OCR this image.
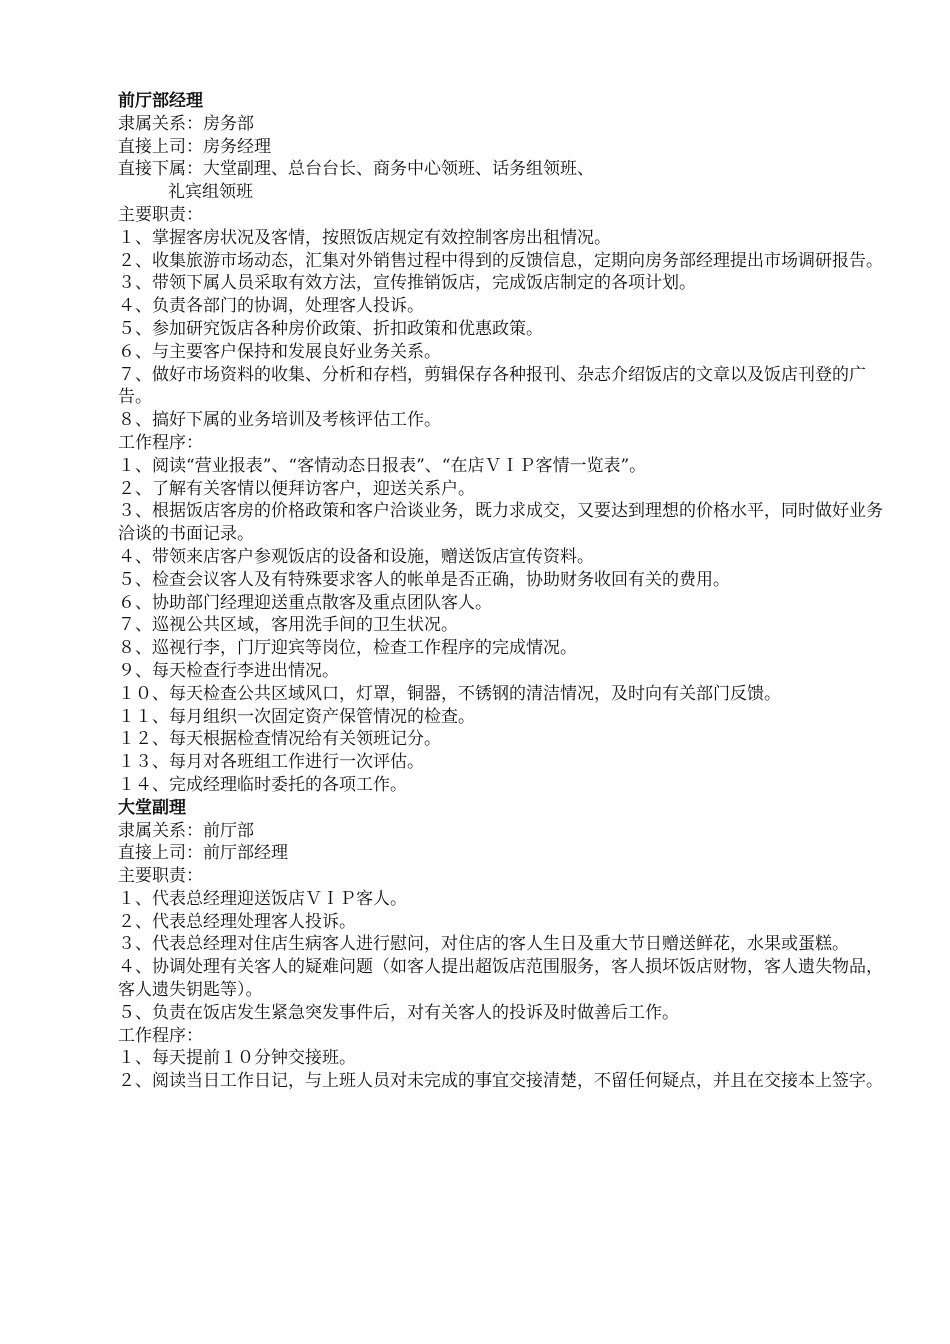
前厅部经理
隶属关系：房务部
直接上司：房务经理
直接下属：大堂副理、总台台长、商务中心领班、话务组领班、
礼宾组领班
主要职责：
１、掌握客房状况及客情，按照饭店规定有效控制客房出租情况。
２、收集旅游市场动态，汇集对外销售过程中得到的反馈信息，定期向房务部经理提出市场调研报告。
３、带领下属人员采取有效方法，宣传推销饭店，完成饭店制定的各项计划。
４、负责各部门的协调，处理客人投诉。
５、参加研究饭店各种房价政策、折扣政策和优惠政策。
６、与主要客户保持和发展良好业务关系。
７、做好市场资料的收集、分析和存档，剪辑保存各种报刊、杂志介绍饭店的文章以及饭店刊登的广告。
８、搞好下属的业务培训及考核评估工作。
工作程序：
１、阅读“营业报表”、“客情动态日报表”、“在店ＶＩＰ客情一览表”。
２、了解有关客情以便拜访客户，迎送关系户。
３、根据饭店客房的价格政策和客户洽谈业务，既力求成交，又要达到理想的价格水平，同时做好业务洽谈的书面记录。
４、带领来店客户参观饭店的设备和设施，赠送饭店宣传资料。
５、检查会议客人及有特殊要求客人的帐单是否正确，协助财务收回有关的费用。
６、协助部门经理迎送重点散客及重点团队客人。
７、巡视公共区域，客用洗手间的卫生状况。
８、巡视行李，门厅迎宾等岗位，检查工作程序的完成情况。
９、每天检查行李进出情况。
１０、每天检查公共区域风口，灯罩，铜器，不锈钢的清洁情况，及时向有关部门反馈。
１１、每月组织一次固定资产保管情况的检查。
１２、每天根据检查情况给有关领班记分。
１３、每月对各班组工作进行一次评估。
１４、完成经理临时委托的各项工作。
大堂副理
隶属关系：前厅部
直接上司：前厅部经理
主要职责：
１、代表总经理迎送饭店ＶＩＰ客人。
２、代表总经理处理客人投诉。
３、代表总经理对住店生病客人进行慰问，对住店的客人生日及重大节日赠送鲜花，水果或蛋糕。
４、协调处理有关客人的疑难问题（如客人提出超饭店范围服务，客人损坏饭店财物，客人遗失物品，客人遗失钥匙等）。
５、负责在饭店发生紧急突发事件后，对有关客人的投诉及时做善后工作。
工作程序：
１、每天提前１０分钟交接班。
２、阅读当日工作日记，与上班人员对未完成的事宜交接清楚，不留任何疑点，并且在交接本上签字。
